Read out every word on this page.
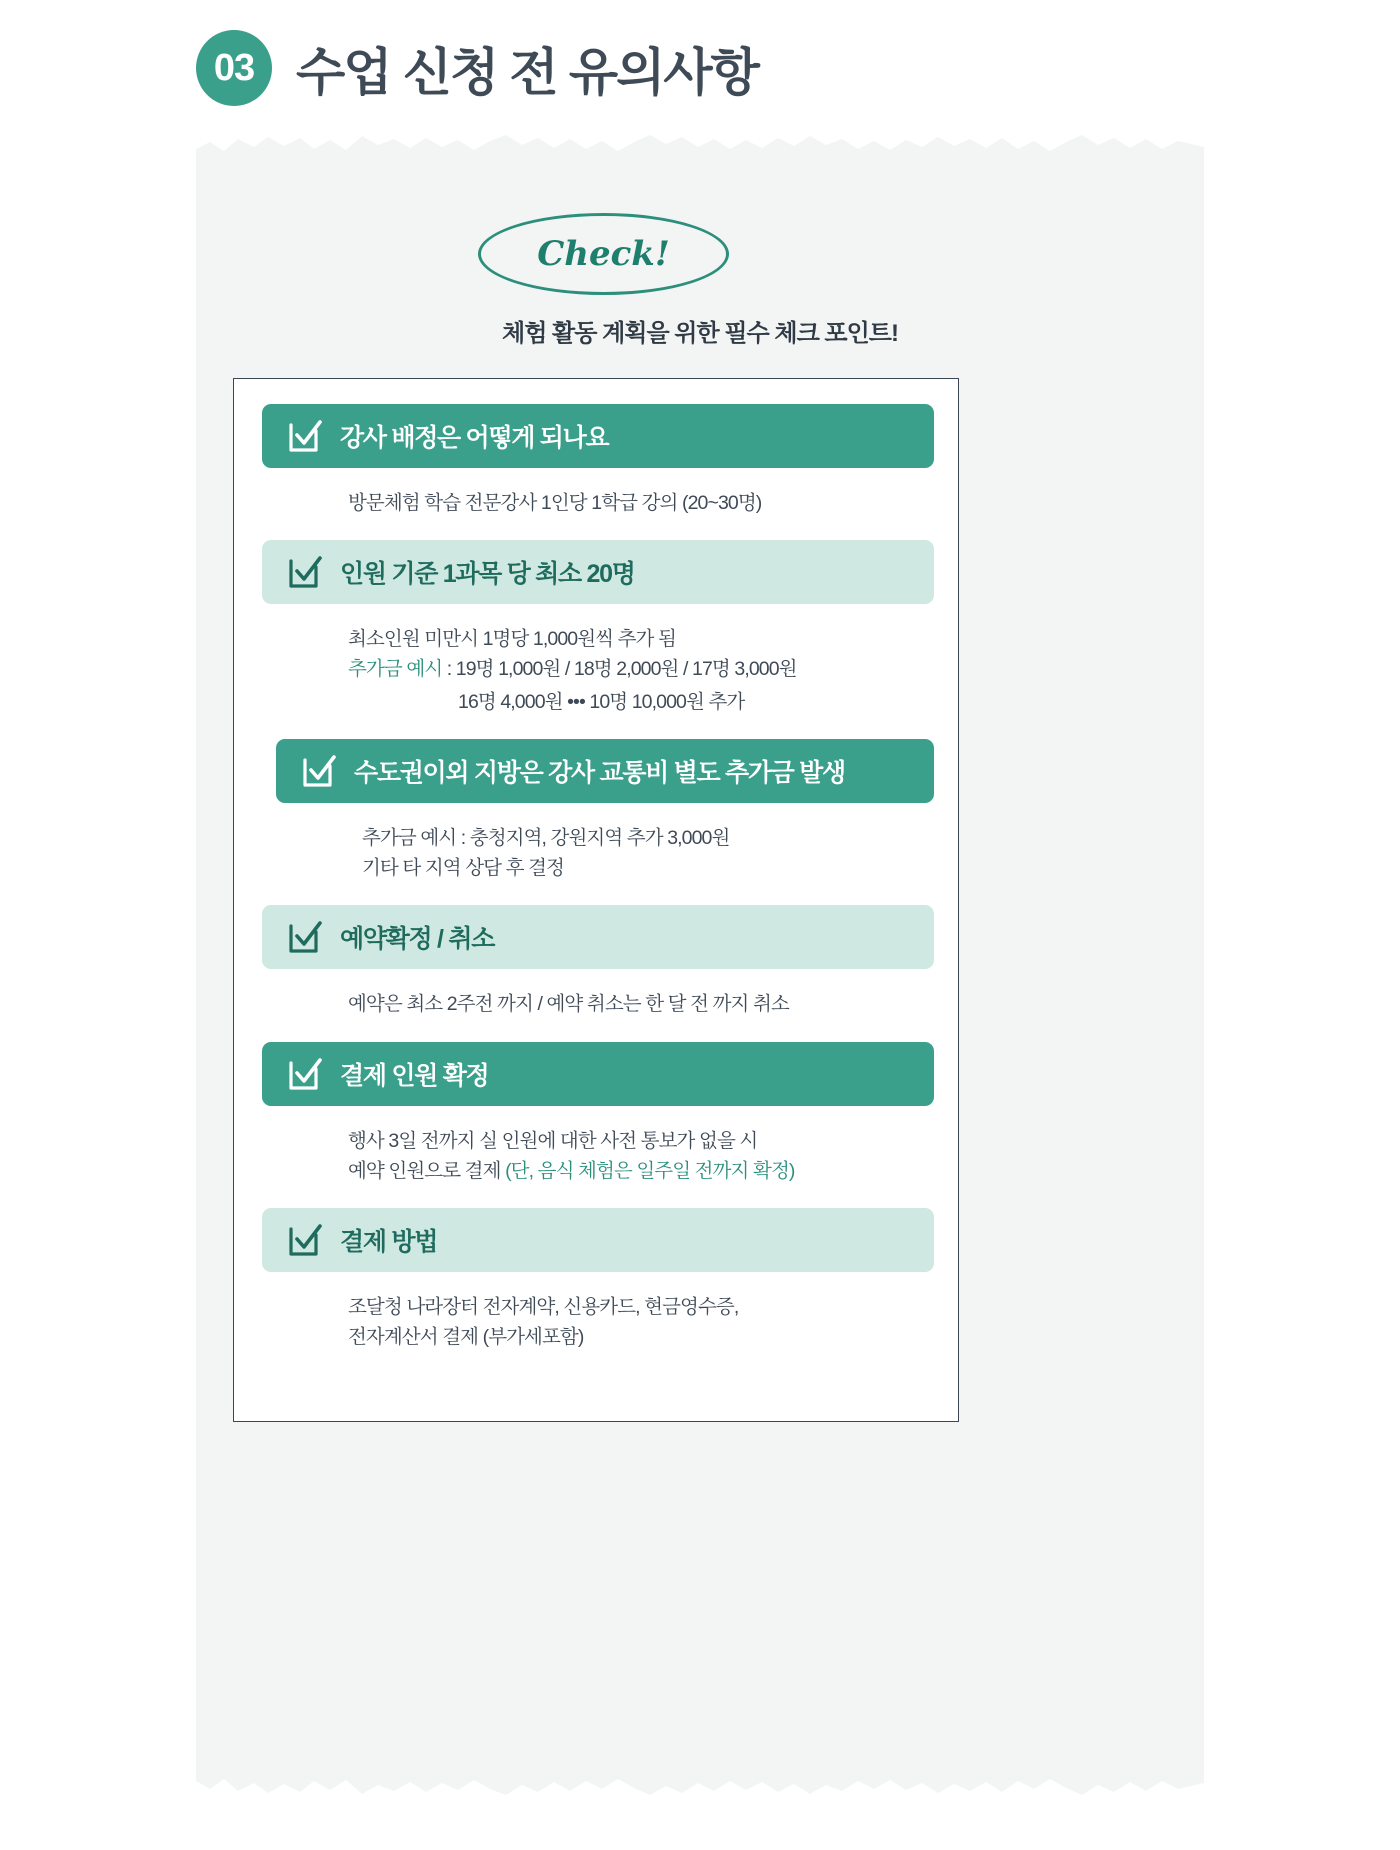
03 수업 신청 전 유의사항
Check!
체험 활동 계획을 위한 필수 체크 포인트!
강사 배정은 어떻게 되나요
방문체험 학습 전문강사 1인당 1학급 강의 (20~30명)
인원 기준 1과목 당 최소 20명
최소인원 미만시 1명당 1,000원씩 추가 됨
추가금 예시 : 19명 1,000원 / 18명 2,000원 / 17명 3,000원
16명 4,000원 ••• 10명 10,000원 추가
수도권이외 지방은 강사 교통비 별도 추가금 발생
추가금 예시 : 충청지역, 강원지역 추가 3,000원
기타 타 지역 상담 후 결정
예약확정 / 취소
예약은 최소 2주전 까지 / 예약 취소는 한 달 전 까지 취소
결제 인원 확정
행사 3일 전까지 실 인원에 대한 사전 통보가 없을 시
예약 인원으로 결제 (단, 음식 체험은 일주일 전까지 확정)
결제 방법
조달청 나라장터 전자계약, 신용카드, 현금영수증,
전자계산서 결제 (부가세포함)
